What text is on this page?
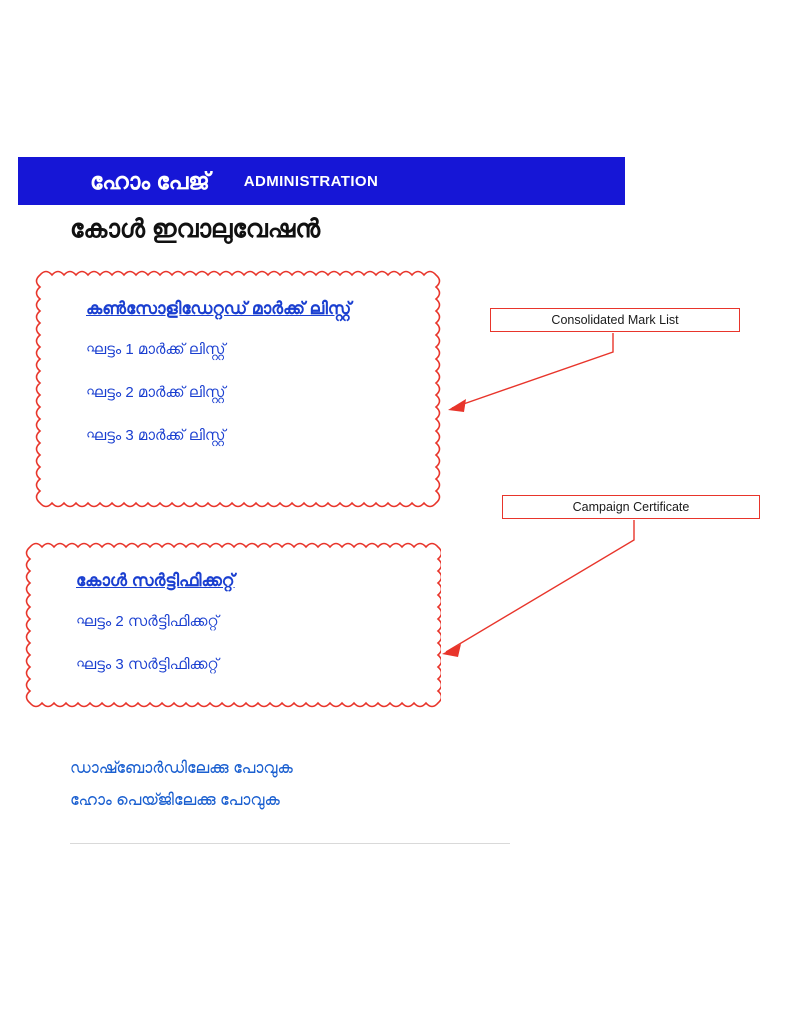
ഹോം പേജ് ADMINISTRATION
കോള്‍ ഇവാലുവേഷന്‍
കണ്‍സോളിഡേറ്റഡ് മാര്‍ക്ക് ലിസ്റ്റ്
ഘട്ടം 1 മാര്‍ക്ക് ലിസ്റ്റ്
ഘട്ടം 2 മാര്‍ക്ക് ലിസ്റ്റ്
ഘട്ടം 3 മാര്‍ക്ക് ലിസ്റ്റ്
കോള്‍ സര്‍ട്ടിഫിക്കറ്റ്
ഘട്ടം 2 സര്‍ട്ടിഫിക്കറ്റ്
ഘട്ടം 3 സര്‍ട്ടിഫിക്കറ്റ്
ഡാഷ്ബോര്‍ഡിലേക്കു പോവുക
ഹോം പെയ്ജിലേക്കു പോവുക
Consolidated Mark List
Campaign Certificate
